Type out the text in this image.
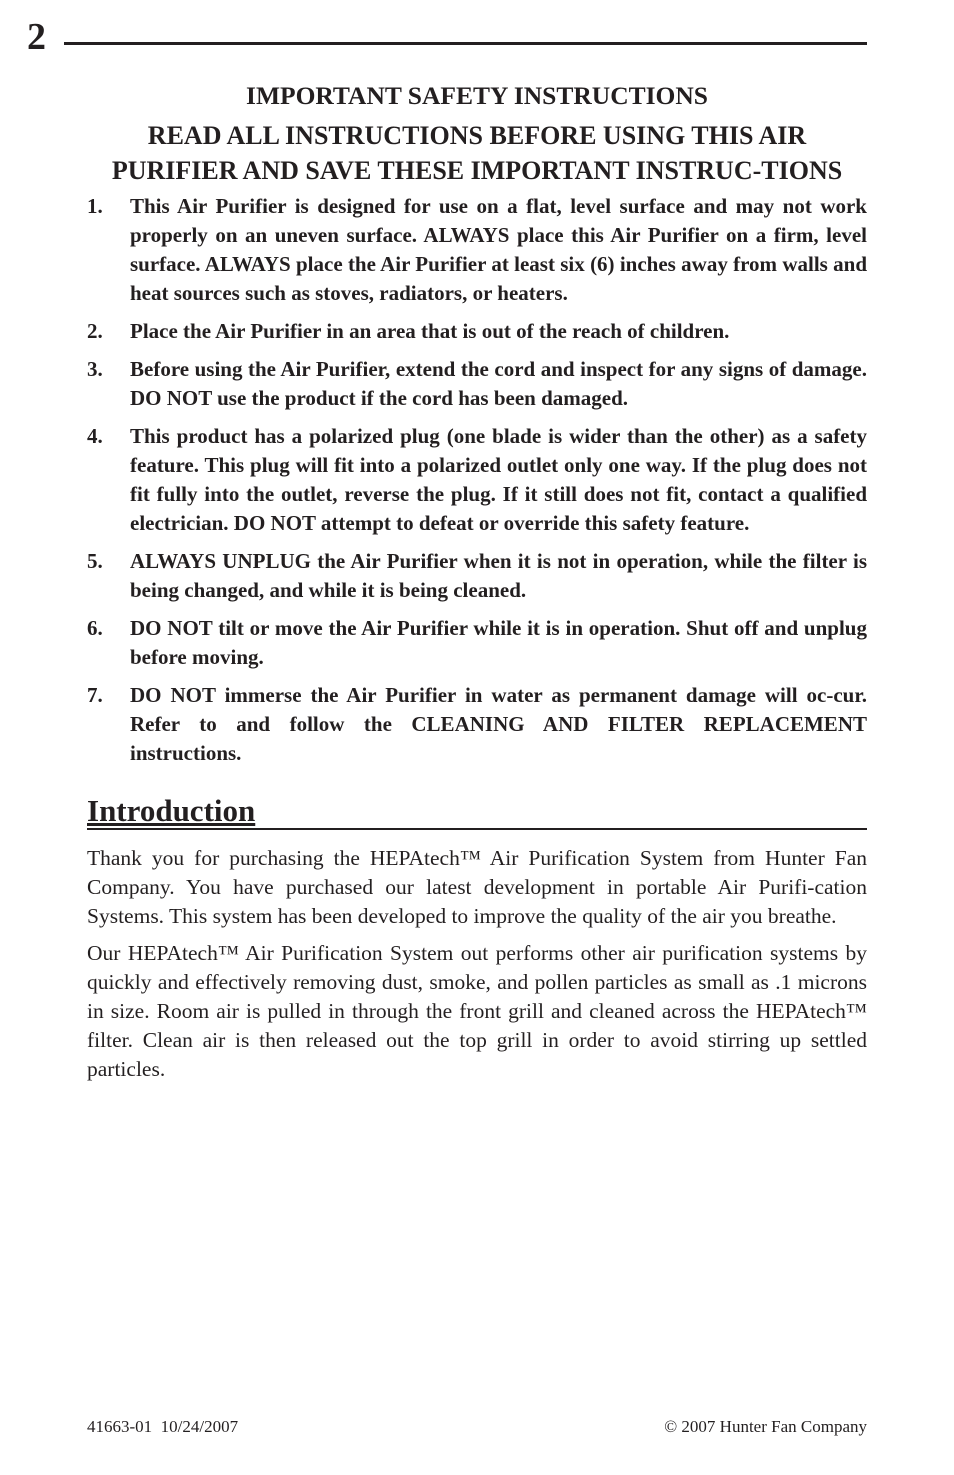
2
IMPORTANT SAFETY INSTRUCTIONS
READ ALL INSTRUCTIONS BEFORE USING THIS AIR PURIFIER AND SAVE THESE IMPORTANT INSTRUC-TIONS
1.	This Air Purifier is designed for use on a flat, level surface and may not work properly on an uneven surface. ALWAYS place this Air Purifier on a firm, level surface. ALWAYS place the Air Purifier at least six (6) inches away from walls and heat sources such as stoves, radiators, or heaters.
2.	Place the Air Purifier in an area that is out of the reach of children.
3.	Before using the Air Purifier, extend the cord and inspect for any signs of damage. DO NOT use the product if the cord has been damaged.
4.	This product has a polarized plug (one blade is wider than the other) as a safety feature. This plug will fit into a polarized outlet only one way. If the plug does not fit fully into the outlet, reverse the plug. If it still does not fit, contact a qualified electrician. DO NOT attempt to defeat or override this safety feature.
5.	ALWAYS UNPLUG the Air Purifier when it is not in operation, while the filter is being changed, and while it is being cleaned.
6.	DO NOT tilt or move the Air Purifier while it is in operation. Shut off and unplug before moving.
7.	DO NOT immerse the Air Purifier in water as permanent damage will oc-cur. Refer to and follow the CLEANING AND FILTER REPLACEMENT instructions.
Introduction

Thank you for purchasing the HEPAtech™ Air Purification System from Hunter Fan Company. You have purchased our latest development in portable Air Purifi-cation Systems. This system has been developed to improve the quality of the air you breathe.

Our HEPAtech™ Air Purification System out performs other air purification systems by quickly and effectively removing dust, smoke, and pollen particles as small as .1 microns in size. Room air is pulled in through the front grill and cleaned across the HEPAtech™ filter. Clean air is then released out the top grill in order to avoid stirring up settled particles.

41663-01  10/24/2007	© 2007 Hunter Fan Company
